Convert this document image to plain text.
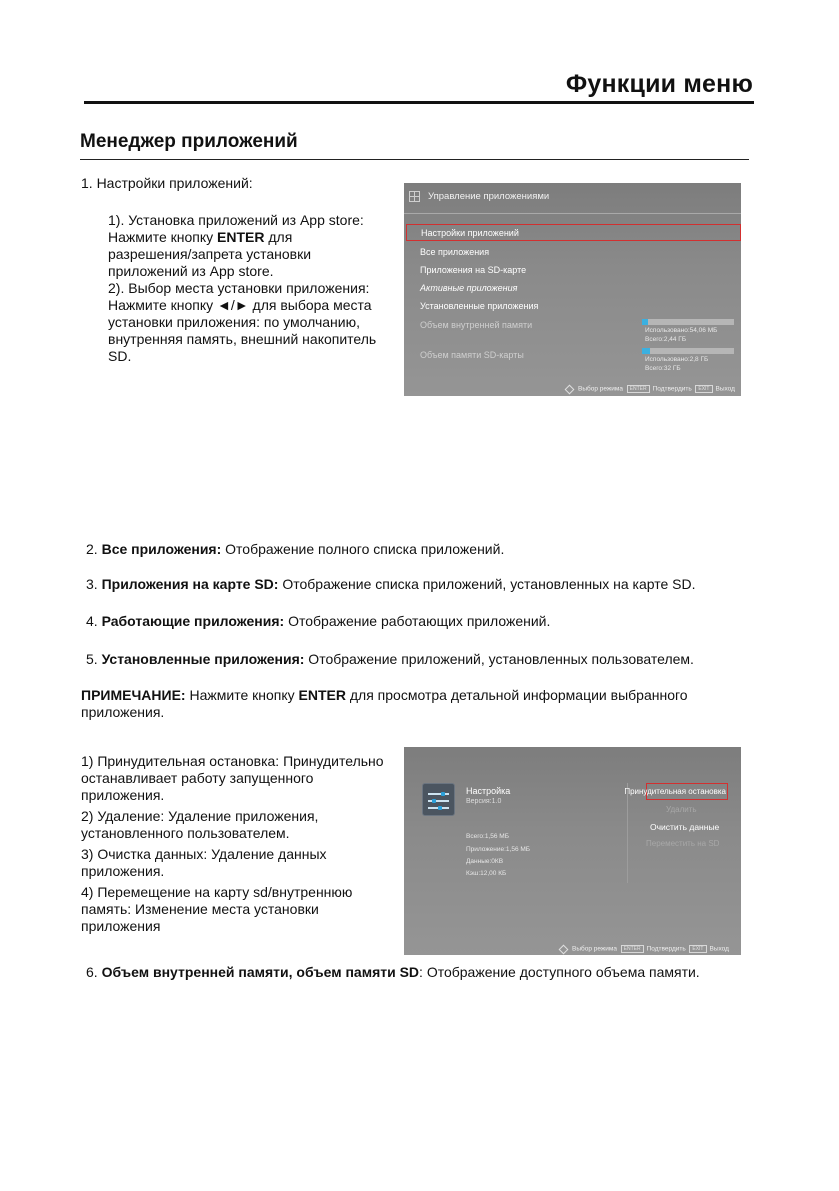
Функции меню
Менеджер приложений
1. Настройки приложений:
1). Установка приложений из App store:
Нажмите кнопку ENTER для
разрешения/запрета установки
приложений из App store.
2). Выбор места установки приложения:
Нажмите кнопку ◄/► для выбора места
установки приложения: по умолчанию,
внутренняя память, внешний накопитель
SD.
Управление приложениями
Настройки приложений
Все приложения
Приложения на SD-карте
Активные приложения
Установленные приложения
Объем внутренней памяти
Использовано:54,06 МБ
Всего:2,44 ГБ
Объем памяти SD-карты	Использовано:2,8 ГБ
Всего:32 ГБ
Выбор режима ENTER Подтвердить EXIT Выход
2. Все приложения: Отображение полного списка приложений.
3. Приложения на карте SD: Отображение списка приложений, установленных на карте SD.
4. Работающие приложения: Отображение работающих приложений.
5. Установленные приложения: Отображение приложений, установленных пользователем.
ПРИМЕЧАНИЕ: Нажмите кнопку ENTER для просмотра детальной информации выбранного
приложения.
1) Принудительная остановка: Принудительно
останавливает работу запущенного
приложения.
2) Удаление: Удаление приложения,
установленного пользователем.
3) Очистка данных: Удаление данных
приложения.
4) Перемещение на карту sd/внутреннюю
память: Изменение места установки
приложения
Настройка
Версия:1.0
Всего:1,56 МБ
Приложение:1,56 МБ
Данные:0КВ
Кэш:12,00 КБ
Принудительная остановка
Удалить
Очистить данные
Переместить на SD
Выбор режима ENTER Подтвердить EXIT Выход
6. Объем внутренней памяти, объем памяти SD: Отображение доступного объема памяти.
